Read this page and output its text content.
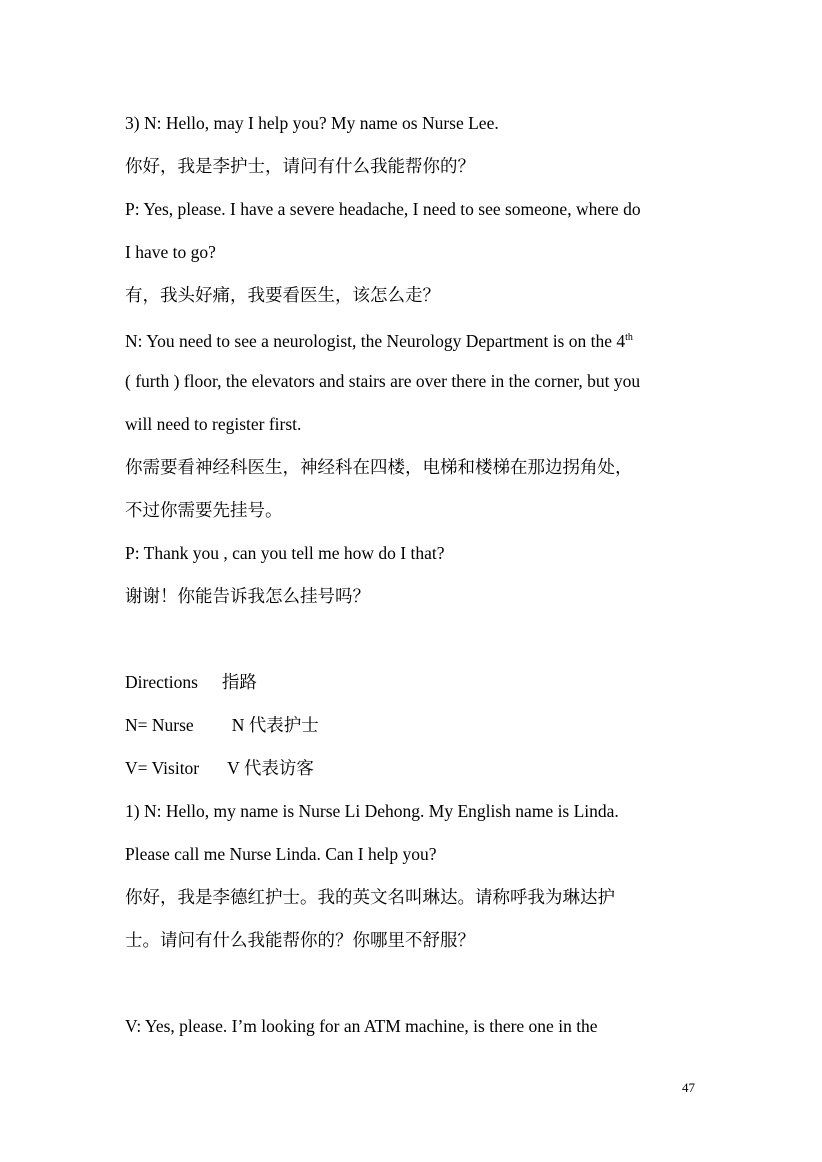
3) N: Hello, may I help you? My name os Nurse Lee.
你好，我是李护士，请问有什么我能帮你的？
P: Yes, please. I have a severe headache, I need to see someone, where do
I have to go?
有，我头好痛，我要看医生，该怎么走？
N: You need to see a neurologist, the Neurology Department is on the 4th
( furth ) floor, the elevators and stairs are over there in the corner, but you
will need to register first.
你需要看神经科医生，神经科在四楼，电梯和楼梯在那边拐角处，
不过你需要先挂号。
P: Thank you , can you tell me how do I that?
谢谢！你能告诉我怎么挂号吗？
Directions 指路
N= Nurse N 代表护士
V= Visitor V 代表访客
1) N: Hello, my name is Nurse Li Dehong. My English name is Linda.
Please call me Nurse Linda. Can I help you?
你好，我是李德红护士。我的英文名叫琳达。请称呼我为琳达护
士。请问有什么我能帮你的？你哪里不舒服？
V: Yes, please. I’m looking for an ATM machine, is there one in the
47
